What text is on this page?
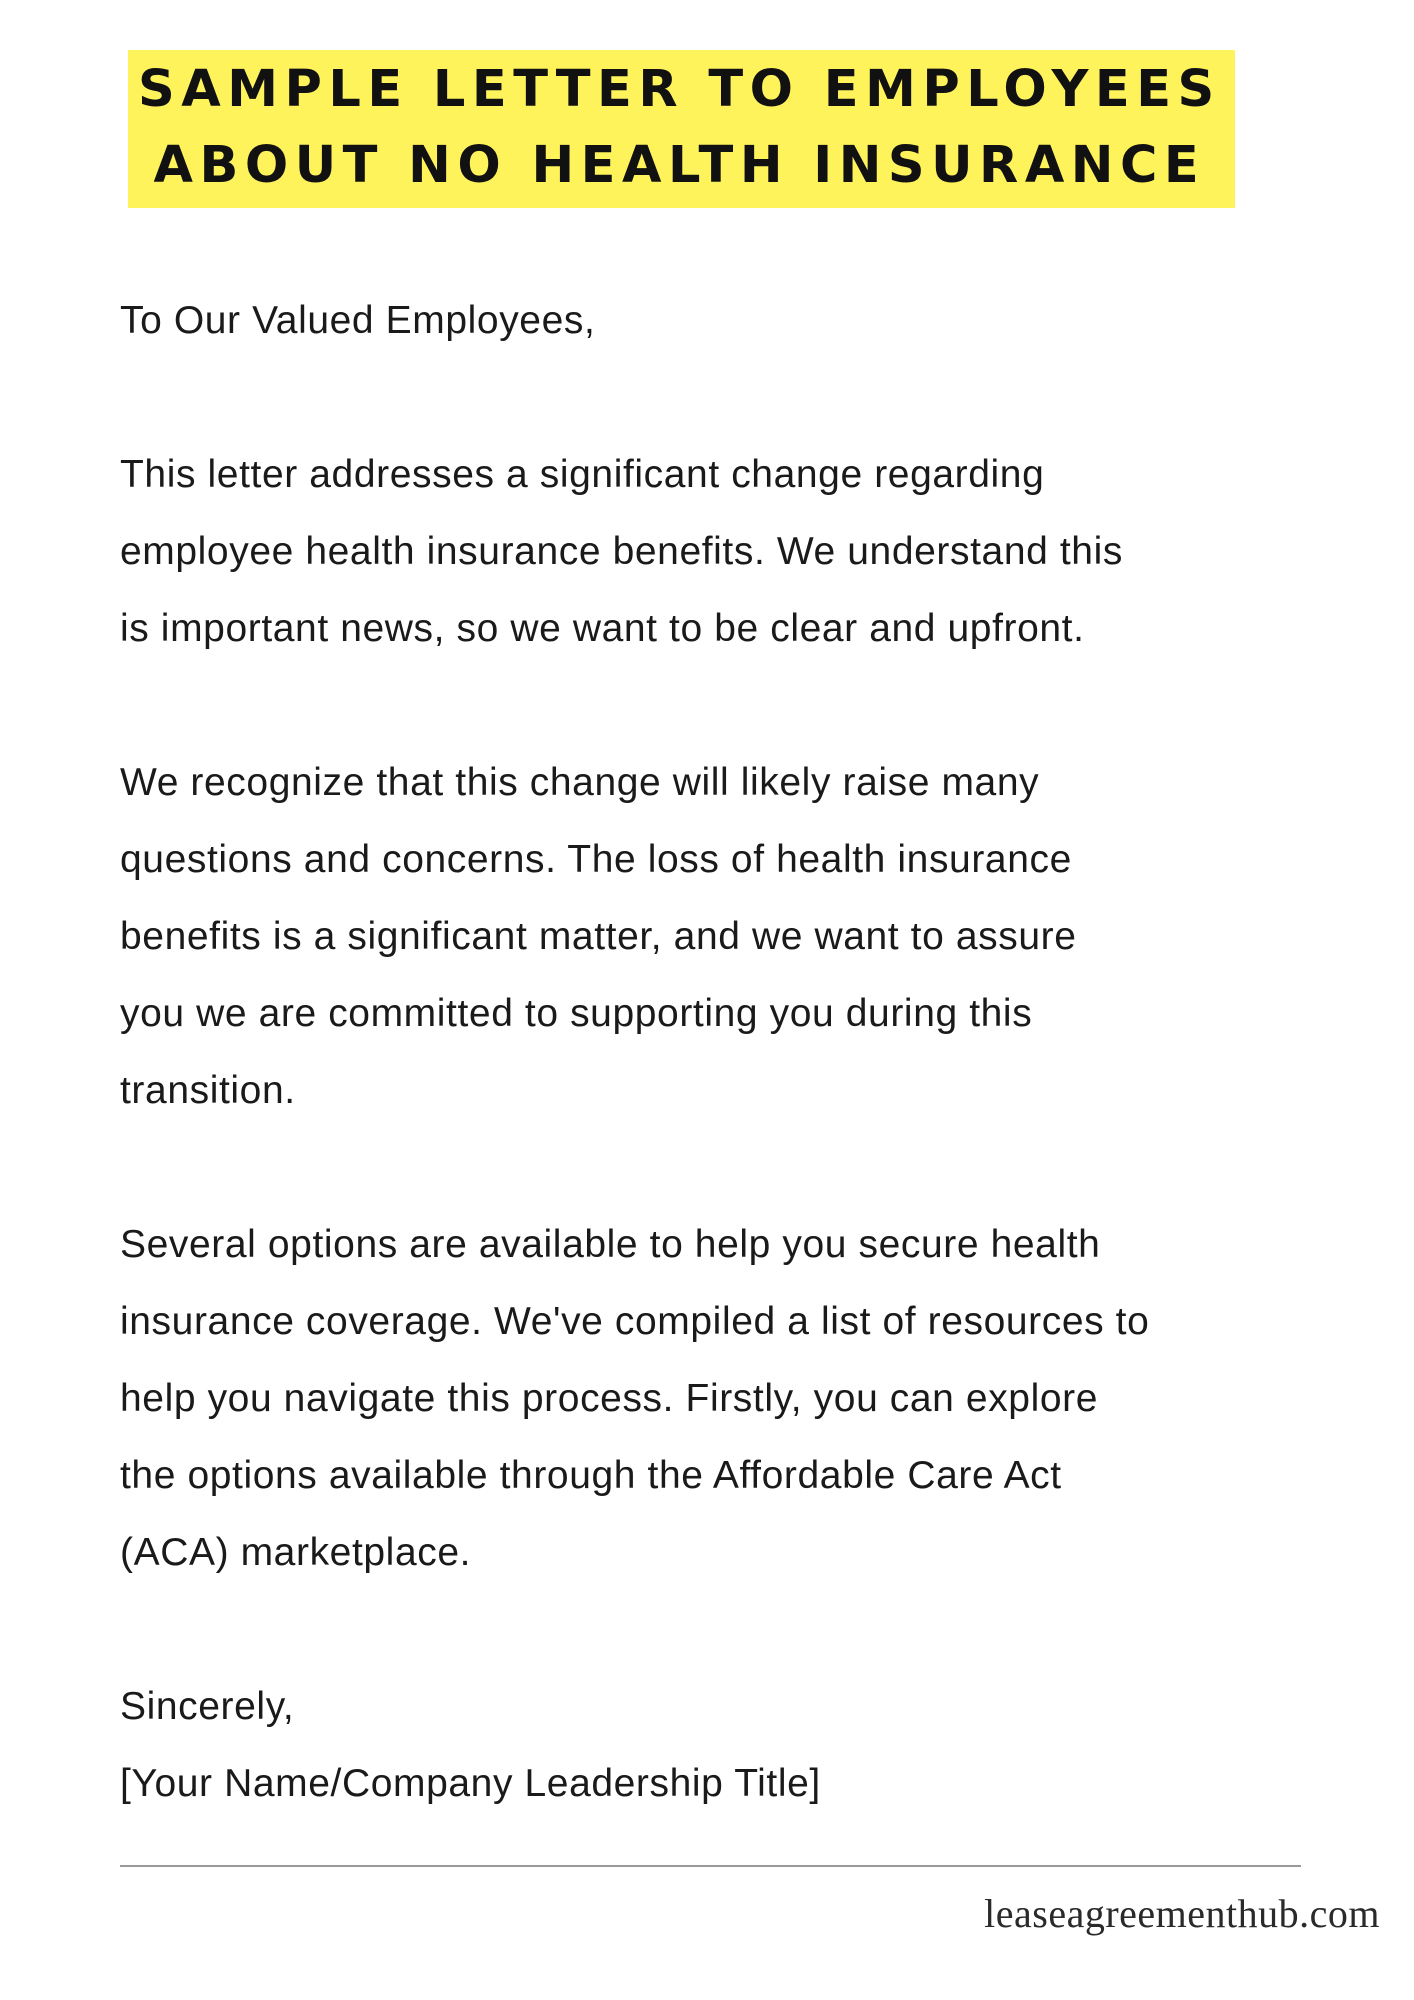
SAMPLE LETTER TO EMPLOYEES
ABOUT NO HEALTH INSURANCE

To Our Valued Employees,

This letter addresses a significant change regarding
employee health insurance benefits. We understand this
is important news, so we want to be clear and upfront.

We recognize that this change will likely raise many
questions and concerns. The loss of health insurance
benefits is a significant matter, and we want to assure
you we are committed to supporting you during this
transition.

Several options are available to help you secure health
insurance coverage. We've compiled a list of resources to
help you navigate this process. Firstly, you can explore
the options available through the Affordable Care Act
(ACA) marketplace.

Sincerely,
[Your Name/Company Leadership Title]

leaseagreementhub.com
